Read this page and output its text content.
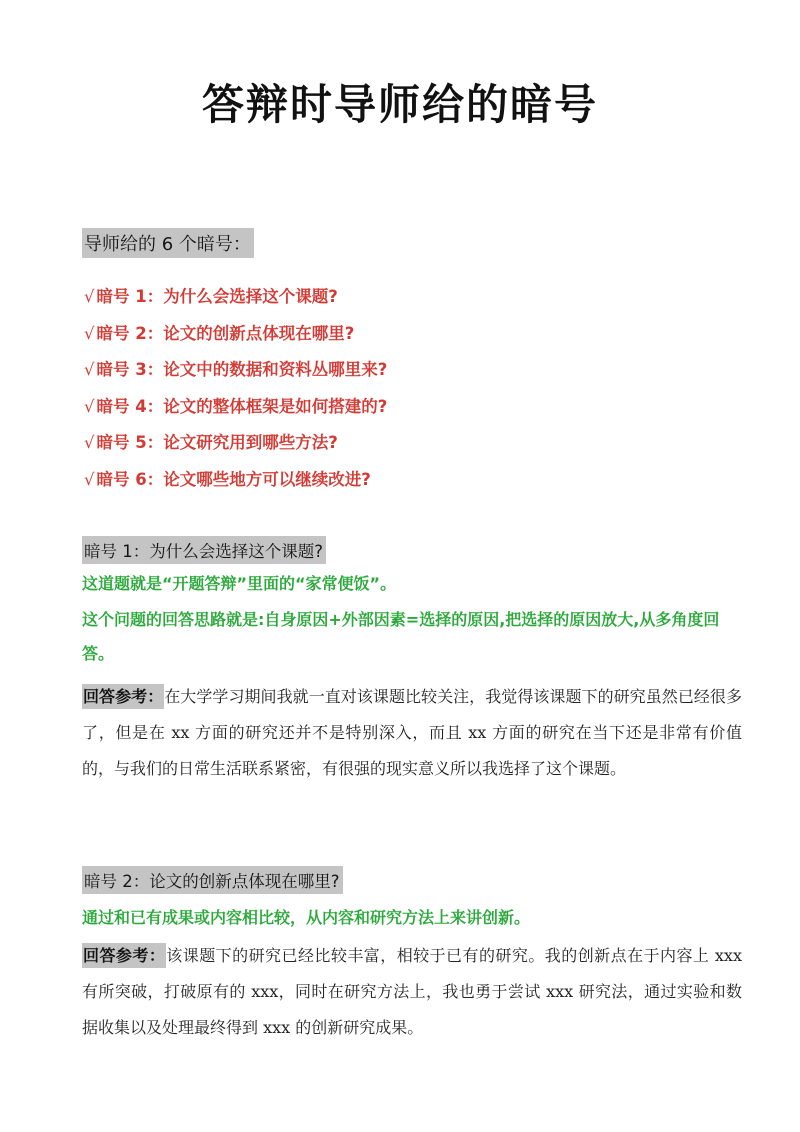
答辩时导师给的暗号
导师给的 6 个暗号：
√ 暗号 1：为什么会选择这个课题?
√ 暗号 2：论文的创新点体现在哪里?
√ 暗号 3：论文中的数据和资料丛哪里来?
√ 暗号 4：论文的整体框架是如何搭建的?
√ 暗号 5：论文研究用到哪些方法?
√ 暗号 6：论文哪些地方可以继续改进?
暗号 1：为什么会选择这个课题?
这道题就是“开题答辩”里面的“家常便饭”。
这个问题的回答思路就是:自身原因+外部因素=选择的原因,把选择的原因放大,从多角度回答。
回答参考：在大学学习期间我就一直对该课题比较关注，我觉得该课题下的研究虽然已经很多了，但是在 xx 方面的研究还并不是特别深入，而且 xx 方面的研究在当下还是非常有价值的，与我们的日常生活联系紧密，有很强的现实意义所以我选择了这个课题。
暗号 2：论文的创新点体现在哪里?
通过和已有成果或内容相比较，从内容和研究方法上来讲创新。
回答参考：该课题下的研究已经比较丰富，相较于已有的研究。我的创新点在于内容上 xxx 有所突破，打破原有的 xxx，同时在研究方法上，我也勇于尝试 xxx 研究法，通过实验和数据收集以及处理最终得到 xxx 的创新研究成果。
